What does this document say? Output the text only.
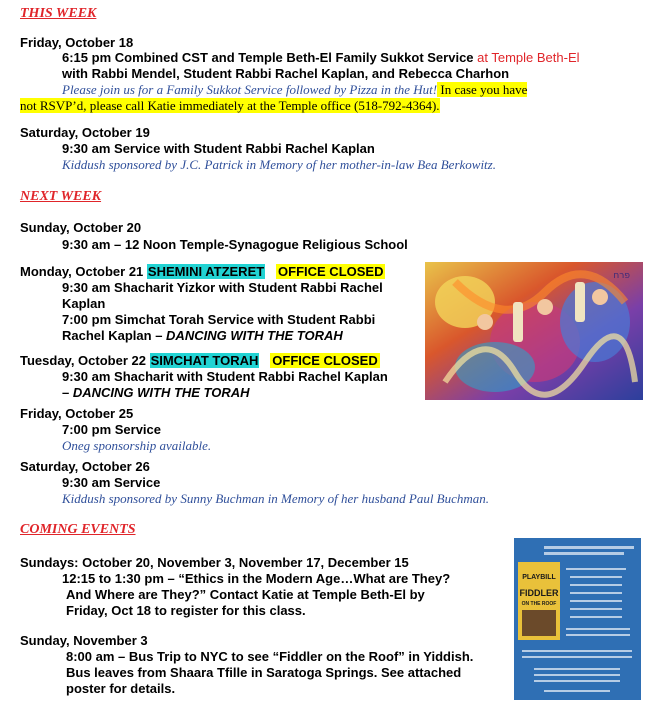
THIS WEEK
Friday, October 18
6:15 pm Combined CST and Temple Beth-El Family Sukkot Service at Temple Beth-El
with Rabbi Mendel, Student Rabbi Rachel Kaplan, and Rebecca Charhon
Please join us for a Family Sukkot Service followed by Pizza in the Hut! In case you have
not RSVP’d, please call Katie immediately at the Temple office (518-792-4364).
Saturday, October 19
9:30 am Service with Student Rabbi Rachel Kaplan
Kiddush sponsored by J.C. Patrick in Memory of her mother-in-law Bea Berkowitz.
NEXT WEEK
Sunday, October 20
9:30 am – 12 Noon Temple-Synagogue Religious School
Monday, October 21 SHEMINI ATZERET OFFICE CLOSED
9:30 am Shacharit Yizkor with Student Rabbi Rachel
Kaplan
7:00 pm Simchat Torah Service with Student Rabbi
Rachel Kaplan – DANCING WITH THE TORAH
Tuesday, October 22 SIMCHAT TORAH OFFICE CLOSED
9:30 am Shacharit with Student Rabbi Rachel Kaplan
– DANCING WITH THE TORAH
Friday, October 25
7:00 pm Service
Oneg sponsorship available.
Saturday, October 26
9:30 am Service
Kiddush sponsored by Sunny Buchman in Memory of her husband Paul Buchman.
COMING EVENTS
Sundays: October 20, November 3, November 17, December 15
12:15 to 1:30 pm – “Ethics in the Modern Age…What are They?
And Where are They?” Contact Katie at Temple Beth-El by
Friday, Oct 18 to register for this class.
Sunday, November 3
8:00 am – Bus Trip to NYC to see “Fiddler on the Roof” in Yiddish.
Bus leaves from Shaara Tfille in Saratoga Springs. See attached
poster for details.
פרח
PLAYBILL
FIDDLER
ON THE ROOF
